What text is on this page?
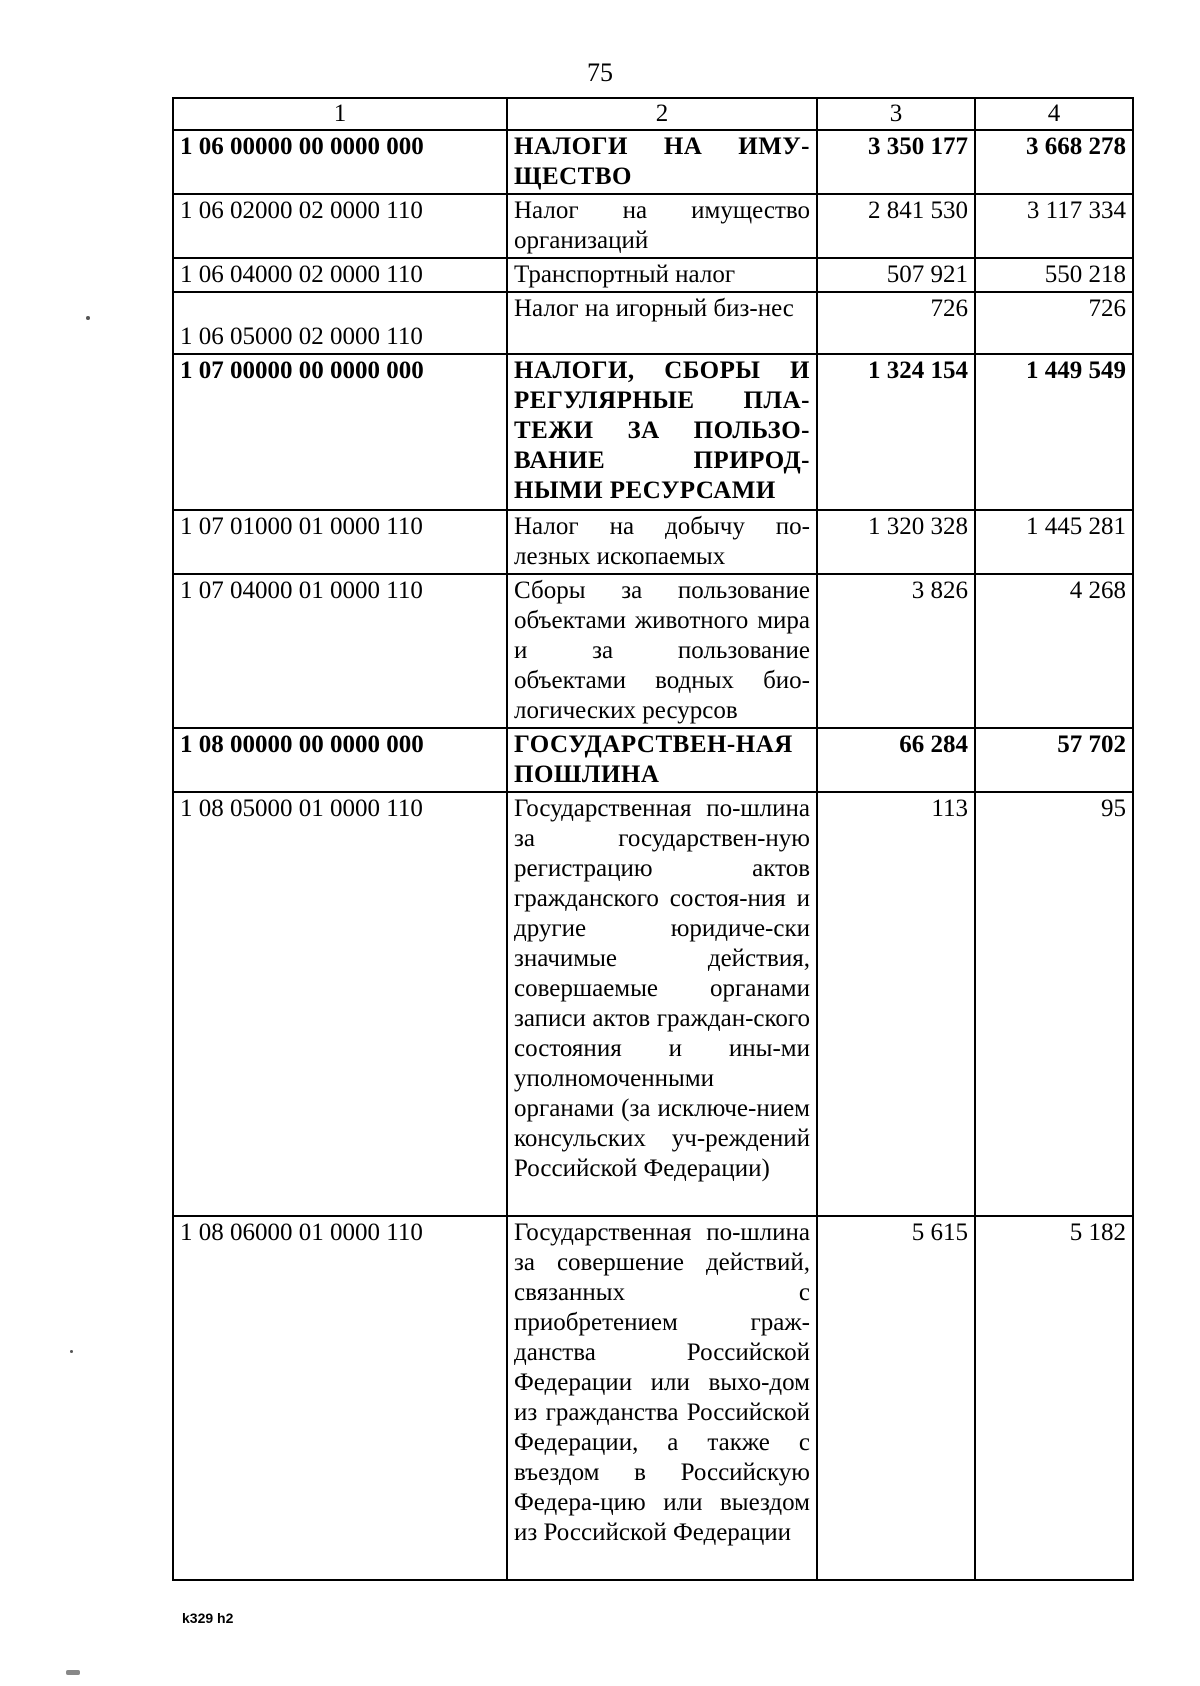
75
1	2	3	4
1 06 00000 00 0000 000	НАЛОГИ НА ИМУ-ЩЕСТВО	3 350 177	3 668 278
1 06 02000 02 0000 110	Налог на имущество организаций	2 841 530	3 117 334
1 06 04000 02 0000 110	Транспортный налог	507 921	550 218
1 06 05000 02 0000 110	Налог на игорный биз-нес	726	726
1 07 00000 00 0000 000	НАЛОГИ, СБОРЫ И РЕГУЛЯРНЫЕ ПЛА-ТЕЖИ ЗА ПОЛЬЗО-ВАНИЕ ПРИРОД-НЫМИ РЕСУРСАМИ	1 324 154	1 449 549
1 07 01000 01 0000 110	Налог на добычу по-лезных ископаемых	1 320 328	1 445 281
1 07 04000 01 0000 110	Сборы за пользование объектами животного мира и за пользование объектами водных био-логических ресурсов	3 826	4 268
1 08 00000 00 0000 000	ГОСУДАРСТВЕН-НАЯ ПОШЛИНА	66 284	57 702
1 08 05000 01 0000 110	Государственная по-шлина за государствен-ную регистрацию актов гражданского состоя-ния и другие юридиче-ски значимые действия, совершаемые органами записи актов граждан-ского состояния и ины-ми уполномоченными органами (за исключе-нием консульских уч-реждений Российской Федерации)	113	95
1 08 06000 01 0000 110	Государственная по-шлина за совершение действий, связанных с приобретением граж-данства Российской Федерации или выхо-дом из гражданства Российской Федерации, а также с въездом в Российскую Федера-цию или выездом из Российской Федерации	5 615	5 182
k329 h2
